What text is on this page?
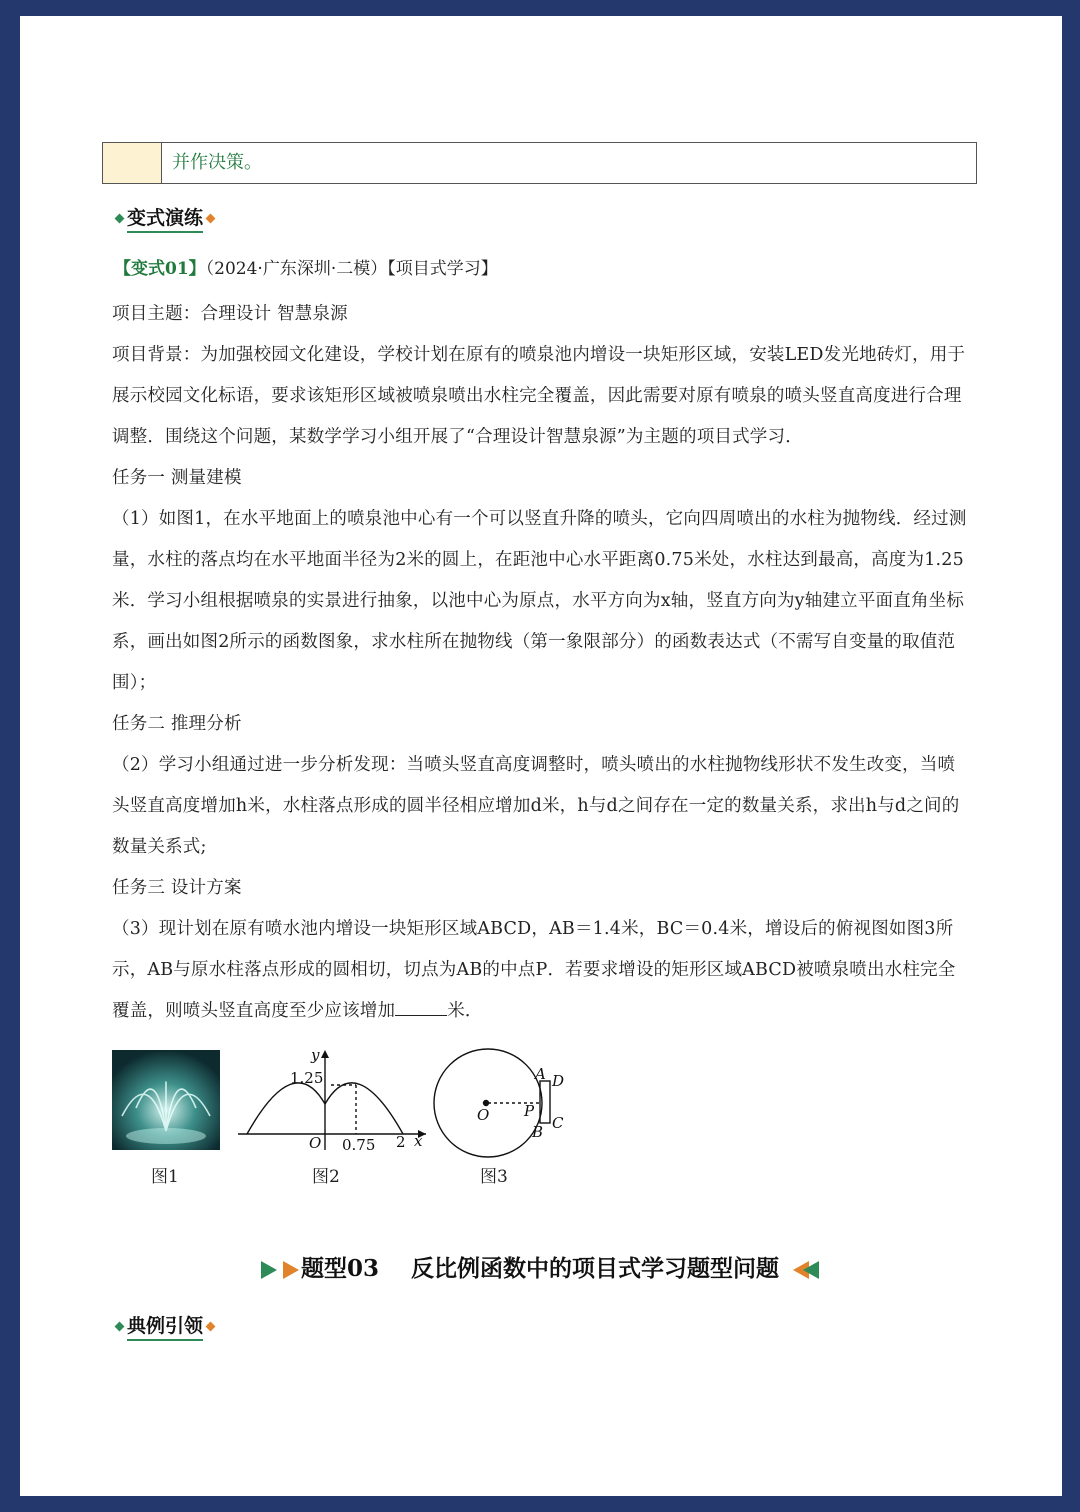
并作决策。
变式演练
【变式01】（2024·广东深圳·二模）【项目式学习】

项目主题：合理设计 智慧泉源

项目背景：为加强校园文化建设，学校计划在原有的喷泉池内增设一块矩形区域，安装LED发光地砖灯，用于展示校园文化标语，要求该矩形区域被喷泉喷出水柱完全覆盖，因此需要对原有喷泉的喷头竖直高度进行合理调整．围绕这个问题，某数学学习小组开展了“合理设计智慧泉源”为主题的项目式学习．

任务一 测量建模

（1）如图1，在水平地面上的喷泉池中心有一个可以竖直升降的喷头，它向四周喷出的水柱为抛物线．经过测量，水柱的落点均在水平地面半径为2米的圆上，在距池中心水平距离0.75米处，水柱达到最高，高度为1.25米．学习小组根据喷泉的实景进行抽象，以池中心为原点，水平方向为x轴，竖直方向为y轴建立平面直角坐标系，画出如图2所示的函数图象，求水柱所在抛物线（第一象限部分）的函数表达式（不需写自变量的取值范围）；

任务二 推理分析

（2）学习小组通过进一步分析发现：当喷头竖直高度调整时，喷头喷出的水柱抛物线形状不发生改变，当喷头竖直高度增加h米，水柱落点形成的圆半径相应增加d米，h与d之间存在一定的数量关系，求出h与d之间的数量关系式;

任务三 设计方案

（3）现计划在原有喷水池内增设一块矩形区域ABCD，AB＝1.4米，BC＝0.4米，增设后的俯视图如图3所示，AB与原水柱落点形成的圆相切，切点为AB的中点P．若要求增设的矩形区域ABCD被喷泉喷出水柱完全覆盖，则喷头竖直高度至少应该增加	米．

y
x
O
1.25
0.75 2
O P
A
B C
D
图1	图2	图3
题型03    反比例函数中的项目式学习题型问题
典例引领
